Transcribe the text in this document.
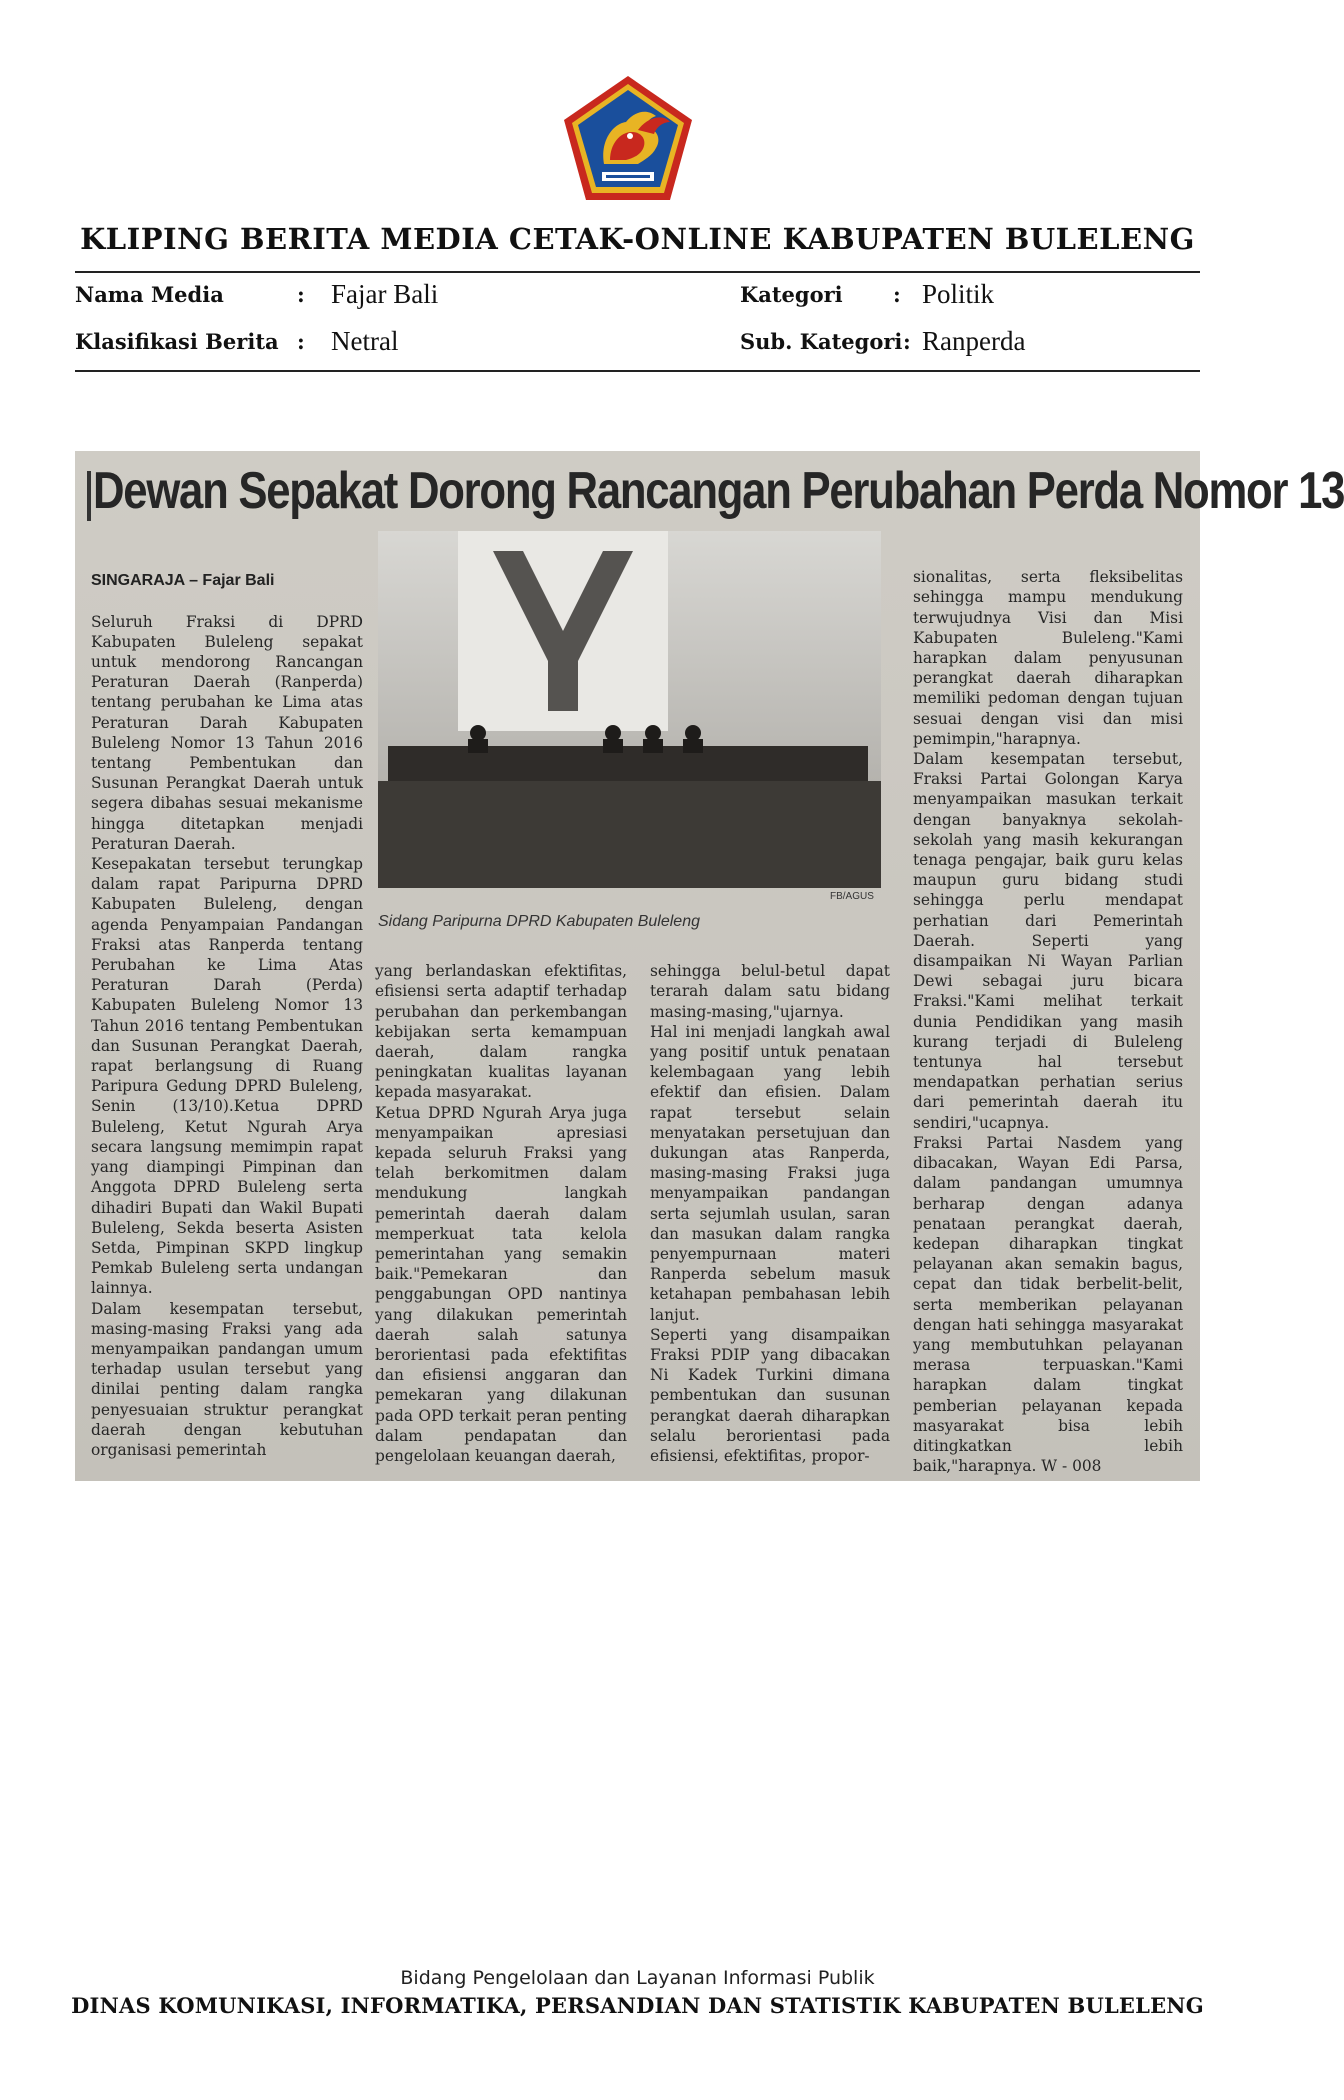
KLIPING BERITA MEDIA CETAK-ONLINE KABUPATEN BULELENG
Nama Media	: Fajar Bali
Klasifikasi Berita : Netral
Kategori : Politik
Sub. Kategori : Ranperda
Dewan Sepakat Dorong Rancangan Perubahan Perda Nomor 13

SINGARAJA – Fajar Bali

Seluruh Fraksi di DPRD Kabupaten Buleleng sepakat untuk mendorong Rancangan Peraturan Daerah (Ranperda) tentang perubahan ke Lima atas Peraturan Darah Kabupaten Buleleng Nomor 13 Tahun 2016 tentang Pembentukan dan Susunan Perangkat Daerah untuk segera dibahas sesuai mekanisme hingga ditetapkan menjadi Peraturan Daerah.
Kesepakatan tersebut terungkap dalam rapat Paripurna DPRD Kabupaten Buleleng, dengan agenda Penyampaian Pandangan Fraksi atas Ranperda tentang Perubahan ke Lima Atas Peraturan Darah (Perda) Kabupaten Buleleng Nomor 13 Tahun 2016 tentang Pembentukan dan Susunan Perangkat Daerah, rapat berlangsung di Ruang Paripura Gedung DPRD Buleleng, Senin (13/10).Ketua DPRD Buleleng, Ketut Ngurah Arya secara langsung memimpin rapat yang diampingi Pimpinan dan Anggota DPRD Buleleng serta dihadiri Bupati dan Wakil Bupati Buleleng, Sekda beserta Asisten Setda, Pimpinan SKPD lingkup Pemkab Buleleng serta undangan lainnya.
Dalam kesempatan tersebut, masing-masing Fraksi yang ada menyampaikan pandangan umum terhadap usulan tersebut yang dinilai penting dalam rangka penyesuaian struktur perangkat daerah dengan kebutuhan organisasi pemerintah

FB/AGUS
Sidang Paripurna DPRD Kabupaten Buleleng

yang berlandaskan efektifitas, efisiensi serta adaptif terhadap perubahan dan perkembangan kebijakan serta kemampuan daerah, dalam rangka peningkatan kualitas layanan kepada masyarakat.
Ketua DPRD Ngurah Arya juga menyampaikan apresiasi kepada seluruh Fraksi yang telah berkomitmen dalam mendukung langkah pemerintah daerah dalam memperkuat tata kelola pemerintahan yang semakin baik."Pemekaran dan penggabungan OPD nantinya yang dilakukan pemerintah daerah salah satunya berorientasi pada efektifitas dan efisiensi anggaran dan pemekaran yang dilakunan pada OPD terkait peran penting dalam pendapatan dan pengelolaan keuangan daerah,

sehingga belul-betul dapat terarah dalam satu bidang masing-masing,"ujarnya.
Hal ini menjadi langkah awal yang positif untuk penataan kelembagaan yang lebih efektif dan efisien. Dalam rapat tersebut selain menyatakan persetujuan dan dukungan atas Ranperda, masing-masing Fraksi juga menyampaikan pandangan serta sejumlah usulan, saran dan masukan dalam rangka penyempurnaan materi Ranperda sebelum masuk ketahapan pembahasan lebih lanjut.
Seperti yang disampaikan Fraksi PDIP yang dibacakan Ni Kadek Turkini dimana pembentukan dan susunan perangkat daerah diharapkan selalu berorientasi pada efisiensi, efektifitas, propor-

sionalitas, serta fleksibelitas sehingga mampu mendukung terwujudnya Visi dan Misi Kabupaten Buleleng."Kami harapkan dalam penyusunan perangkat daerah diharapkan memiliki pedoman dengan tujuan sesuai dengan visi dan misi pemimpin,"harapnya.
Dalam kesempatan tersebut, Fraksi Partai Golongan Karya menyampaikan masukan terkait dengan banyaknya sekolah-sekolah yang masih kekurangan tenaga pengajar, baik guru kelas maupun guru bidang studi sehingga perlu mendapat perhatian dari Pemerintah Daerah. Seperti yang disampaikan Ni Wayan Parlian Dewi sebagai juru bicara Fraksi."Kami melihat terkait dunia Pendidikan yang masih kurang terjadi di Buleleng tentunya hal tersebut mendapatkan perhatian serius dari pemerintah daerah itu sendiri,"ucapnya.
Fraksi Partai Nasdem yang dibacakan, Wayan Edi Parsa, dalam pandangan umumnya berharap dengan adanya penataan perangkat daerah, kedepan diharapkan tingkat pelayanan akan semakin bagus, cepat dan tidak berbelit-belit, serta memberikan pelayanan dengan hati sehingga masyarakat yang membutuhkan pelayanan merasa terpuaskan."Kami harapkan dalam tingkat pemberian pelayanan kepada masyarakat bisa lebih ditingkatkan lebih baik,"harapnya. W - 008

Bidang Pengelolaan dan Layanan Informasi Publik
DINAS KOMUNIKASI, INFORMATIKA, PERSANDIAN DAN STATISTIK KABUPATEN BULELENG
